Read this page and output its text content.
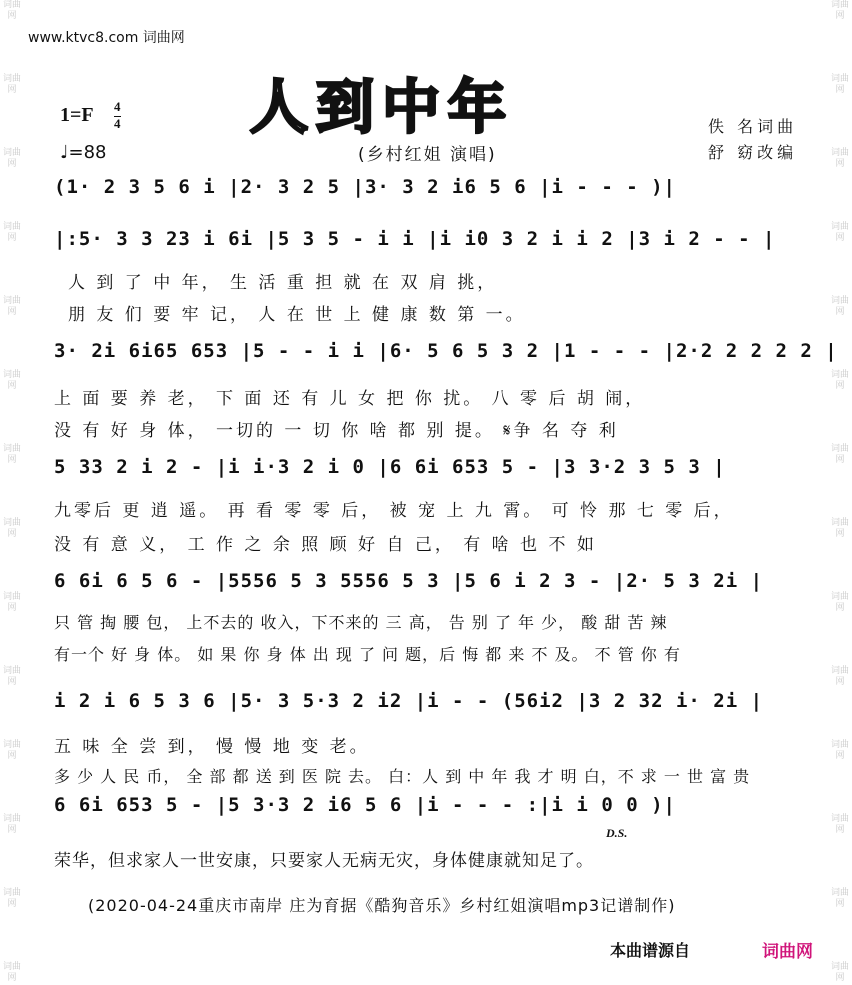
词曲网
词曲网
词曲网
词曲网
词曲网
词曲网
词曲网
词曲网
词曲网
词曲网
词曲网
词曲网
词曲网
词曲网
词曲网
词曲网
词曲网
词曲网
词曲网
词曲网
词曲网
词曲网
词曲网
词曲网
词曲网
词曲网
词曲网
词曲网
www.ktvc8.com 词曲网
人到中年
(乡村红姐 演唱)
1=F 4
4
♩=88
佚 名词曲
舒 窈改编
(1· 2 3 5 6 i |2· 3 2 5 |3· 3 2 i6 5 6 |i - - - )|
|:5· 3 3 23 i 6i |5 3 5 - i i |i i0 3 2 i i 2 |3 i 2 - - |
人 到 了 中 年， 生 活 重 担 就 在 双 肩 挑，
朋 友 们 要 牢 记， 人 在 世 上 健 康 数 第 一。
3· 2i 6i65 653 |5 - - i i |6· 5 6 5 3 2 |1 - - - |2·2 2 2 2 2 |
上 面 要 养 老， 下 面 还 有 儿 女 把 你 扰。 八 零 后 胡 闹，
没 有 好 身 体， 一切的 一 切 你 啥 都 别 提。 𝄋争 名 夺 利
5 33 2 i 2 - |i i·3 2 i 0 |6 6i 653 5 - |3 3·2 3 5 3 |
九零后 更 逍 遥。 再 看 零 零 后， 被 宠 上 九 霄。 可 怜 那 七 零 后，
没 有 意 义， 工 作 之 余 照 顾 好 自 己， 有 啥 也 不 如
6 6i 6 5 6 - |5556 5 3 5556 5 3 |5 6 i 2 3 - |2· 5 3 2i |
只 管 掏 腰 包， 上不去的 收入，下不来的 三 高， 告 别 了 年 少， 酸 甜 苦 辣
有一个 好 身 体。 如 果 你 身 体 出 现 了 问 题，后 悔 都 来 不 及。 不 管 你 有
i 2 i 6 5 3 6 |5· 3 5·3 2 i2 |i - - (56i2 |3 2 32 i· 2i |
五 味 全 尝 到， 慢 慢 地 变 老。
多 少 人 民 币， 全 部 都 送 到 医 院 去。 白：人 到 中 年 我 才 明 白，不 求 一 世 富 贵
6 6i 653 5 - |5 3·3 2 i6 5 6 |i - - - :|i i 0 0 )|
D.S.
荣华，但求家人一世安康，只要家人无病无灾，身体健康就知足了。
(2020-04-24重庆市南岸 庄为育据《酷狗音乐》乡村红姐演唱mp3记谱制作)
本曲谱源自	词曲网
